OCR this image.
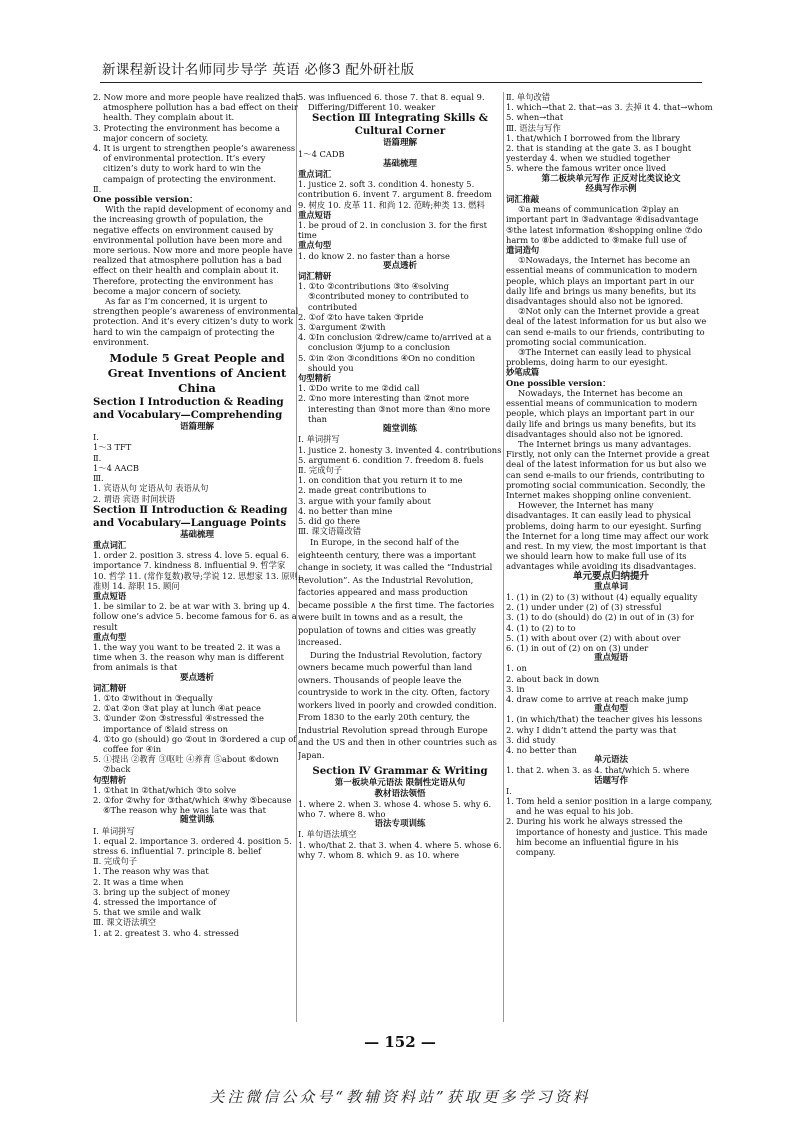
新课程新设计名师同步导学 英语 必修3 配外研社版

2. Now more and more people have realized that atmosphere pollution has a bad effect on their health. They complain about it.

3. Protecting the environment has become a major concern of society.

4. It is urgent to strengthen people’s awareness of environmental protection. It’s every citizen’s duty to work hard to win the campaign of protecting the environment.

Ⅱ.

One possible version：

With the rapid development of economy and the increasing growth of population, the negative effects on environment caused by environmental pollution have been more and more serious. Now more and more people have realized that atmosphere pollution has a bad effect on their health and complain about it. Therefore, protecting the environment has become a major concern of society.

As far as I’m concerned, it is urgent to strengthen people’s awareness of environmental protection. And it’s every citizen’s duty to work hard to win the campaign of protecting the environment.

Module 5 Great People and Great Inventions of Ancient China

Section Ⅰ Introduction & Reading and Vocabulary—Comprehending

语篇理解

Ⅰ.

1～3 TFT

Ⅱ.

1～4 AACB

Ⅲ.

1. 宾语从句 定语从句 表语从句

2. 谓语 宾语 时间状语

Section Ⅱ Introduction & Reading and Vocabulary—Language Points

基础梳理

重点词汇

1. order 2. position 3. stress 4. love 5. equal 6. importance 7. kindness 8. influential 9. 哲学家 10. 哲学 11. (常作复数)教导;学说 12. 思想家 13. 原则;准则 14. 辞职 15. 顾问

重点短语

1. be similar to 2. be at war with 3. bring up 4. follow one’s advice 5. become famous for 6. as a result

重点句型

1. the way you want to be treated 2. it was a time when 3. the reason why man is different from animals is that

要点透析

词汇精研

1. ①to ②without in ③equally

2. ①at ②on ③at play at lunch ④at peace

3. ①under ②on ③stressful ④stressed the importance of ⑤laid stress on

4. ①to go (should) go ②out in ③ordered a cup of coffee for ④in

5. ①提出 ②教育 ③呕吐 ④养育 ⑤about ⑥down ⑦back

句型精析

1. ①that in ②that/which ③to solve

2. ①for ②why for ③that/which ④why ⑤because ⑥The reason why he was late was that

随堂训练

Ⅰ. 单词拼写

1. equal 2. importance 3. ordered 4. position 5. stress 6. influential 7. principle 8. belief

Ⅱ. 完成句子

1. The reason why was that

2. It was a time when

3. bring up the subject of money

4. stressed the importance of

5. that we smile and walk

Ⅲ. 课文语法填空

1. at 2. greatest 3. who 4. stressed

5. was influenced 6. those 7. that 8. equal 9. Differing/Different 10. weaker

Section Ⅲ Integrating Skills & Cultural Corner

语篇理解

1～4 CADB

基础梳理

重点词汇

1. justice 2. soft 3. condition 4. honesty 5. contribution 6. invent 7. argument 8. freedom 9. 树皮 10. 皮革 11. 和尚 12. 范畴;种类 13. 燃料

重点短语

1. be proud of 2. in conclusion 3. for the first time

重点句型

1. do know 2. no faster than a horse

要点透析

词汇精研

1. ①to ②contributions ③to ④solving ⑤contributed money to contributed to contributed

2. ①of ②to have taken ③pride

3. ①argument ②with

4. ①In conclusion ②drew/came to/arrived at a conclusion ③jump to a conclusion

5. ①in ②on ③conditions ④On no condition should you

句型精析

1. ①Do write to me ②did call

2. ①no more interesting than ②not more interesting than ③not more than ④no more than

随堂训练

Ⅰ. 单词拼写

1. justice 2. honesty 3. invented 4. contributions 5. argument 6. condition 7. freedom 8. fuels

Ⅱ. 完成句子

1. on condition that you return it to me

2. made great contributions to

3. argue with your family about

4. no better than mine

5. did go there

Ⅲ. 课文语篇改错

In Europe, in the second half of the eighteenth century, there was a important change in society, it was called the “Industrial Revolution”. As the Industrial Revolution, factories appeared and mass production became possible ∧ the first time. The factories were built in towns and as a result, the population of towns and cities was greatly increased.

During the Industrial Revolution, factory owners became much powerful than land owners. Thousands of people leave the countryside to work in the city. Often, factory workers lived in poorly and crowded condition. From 1830 to the early 20th century, the Industrial Revolution spread through Europe and the US and then in other countries such as Japan.

Section Ⅳ Grammar & Writing

第一板块单元语法 限制性定语从句

教材语法领悟

1. where 2. when 3. whose 4. whose 5. why 6. who 7. where 8. who

语法专项训练

Ⅰ. 单句语法填空

1. who/that 2. that 3. when 4. where 5. whose 6. why 7. whom 8. which 9. as 10. where

Ⅱ. 单句改错

1. which→that 2. that→as 3. 去掉 it 4. that→whom 5. when→that

Ⅲ. 语法与写作

1. that/which I borrowed from the library

2. that is standing at the gate 3. as I bought yesterday 4. when we studied together

5. where the famous writer once lived

第二板块单元写作 正反对比类议论文

经典写作示例

词汇推敲

①a means of communication ②play an important part in ③advantage ④disadvantage ⑤the latest information ⑥shopping online ⑦do harm to ⑧be addicted to ⑨make full use of

遣词造句

①Nowadays, the Internet has become an essential means of communication to modern people, which plays an important part in our daily life and brings us many benefits, but its disadvantages should also not be ignored.

②Not only can the Internet provide a great deal of the latest information for us but also we can send e-mails to our friends, contributing to promoting social communication.

③The Internet can easily lead to physical problems, doing harm to our eyesight.

妙笔成篇

One possible version：

Nowadays, the Internet has become an essential means of communication to modern people, which plays an important part in our daily life and brings us many benefits, but its disadvantages should also not be ignored.

The Internet brings us many advantages. Firstly, not only can the Internet provide a great deal of the latest information for us but also we can send e-mails to our friends, contributing to promoting social communication. Secondly, the Internet makes shopping online convenient.

However, the Internet has many disadvantages. It can easily lead to physical problems, doing harm to our eyesight. Surfing the Internet for a long time may affect our work and rest. In my view, the most important is that we should learn how to make full use of its advantages while avoiding its disadvantages.

单元要点归纳提升

重点单词

1. (1) in (2) to (3) without (4) equally equality

2. (1) under under (2) of (3) stressful

3. (1) to do (should) do (2) in out of in (3) for

4. (1) to (2) to to

5. (1) with about over (2) with about over

6. (1) in out of (2) on on (3) under

重点短语

1. on

2. about back in down

3. in

4. draw come to arrive at reach make jump

重点句型

1. (in which/that) the teacher gives his lessons

2. why I didn’t attend the party was that

3. did study

4. no better than

单元语法

1. that 2. when 3. as 4. that/which 5. where

话题写作

Ⅰ.

1. Tom held a senior position in a large company, and he was equal to his job.

2. During his work he always stressed the importance of honesty and justice. This made him become an influential figure in his company.

— 152 —
关注微信公众号“教辅资料站”获取更多学习资料
